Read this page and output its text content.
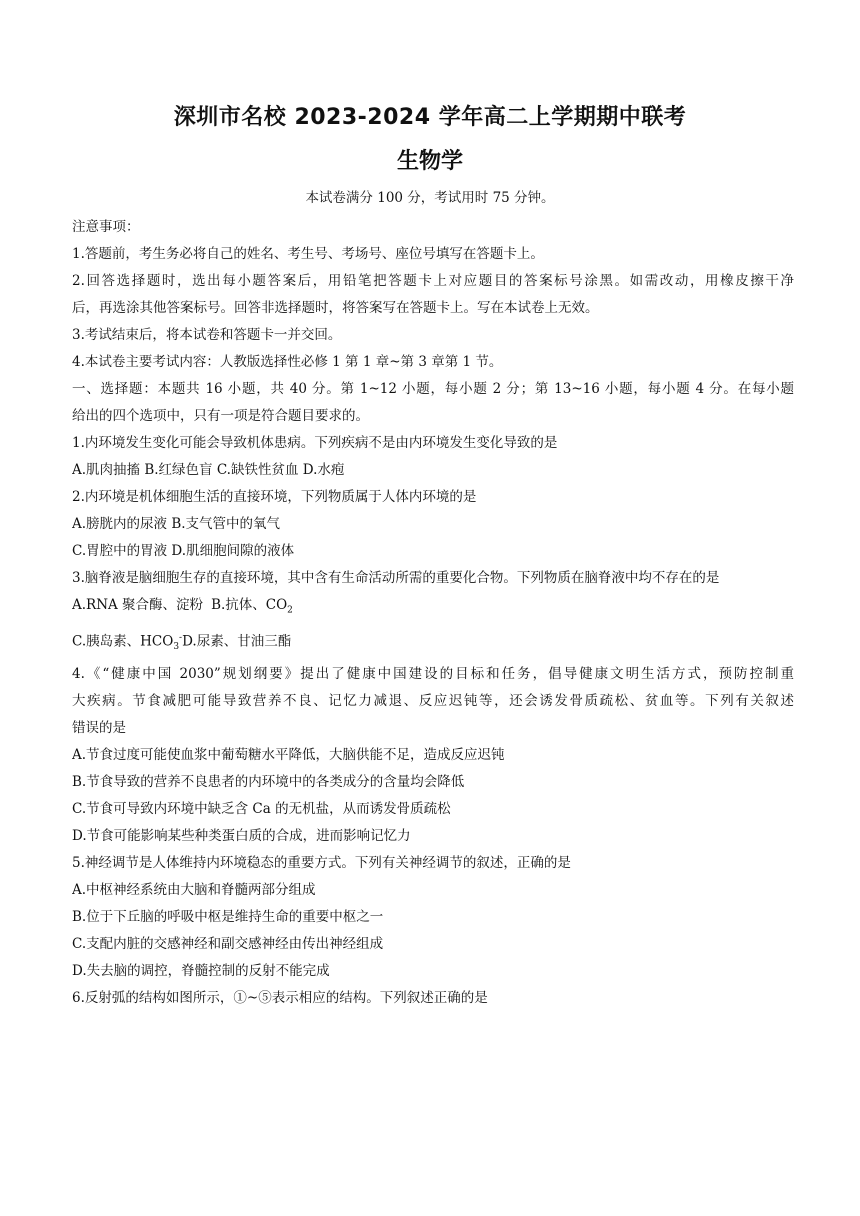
深圳市名校 2023-2024 学年高二上学期期中联考
生物学
本试卷满分 100 分，考试用时 75 分钟。
注意事项：
1.答题前，考生务必将自己的姓名、考生号、考场号、座位号填写在答题卡上。
2.回答选择题时，选出每小题答案后，用铅笔把答题卡上对应题目的答案标号涂黑。如需改动，用橡皮擦干净
后，再选涂其他答案标号。回答非选择题时，将答案写在答题卡上。写在本试卷上无效。
3.考试结束后，将本试卷和答题卡一并交回。
4.本试卷主要考试内容：人教版选择性必修 1 第 1 章~第 3 章第 1 节。
一、选择题：本题共 16 小题，共 40 分。第 1~12 小题，每小题 2 分；第 13~16 小题，每小题 4 分。在每小题
给出的四个选项中，只有一项是符合题目要求的。
1.内环境发生变化可能会导致机体患病。下列疾病不是由内环境发生变化导致的是
A.肌肉抽搐 B.红绿色盲 C.缺铁性贫血 D.水疱
2.内环境是机体细胞生活的直接环境，下列物质属于人体内环境的是
A.膀胱内的尿液 B.支气管中的氧气
C.胃腔中的胃液 D.肌细胞间隙的液体
3.脑脊液是脑细胞生存的直接环境，其中含有生命活动所需的重要化合物。下列物质在脑脊液中均不存在的是
A.RNA 聚合酶、淀粉 B.抗体、$CO_2$
C.胰岛素、$HCO_3^-D$.尿素、甘油三酯
4.《“健康中国 2030”规划纲要》提出了健康中国建设的目标和任务，倡导健康文明生活方式，预防控制重
大疾病。节食减肥可能导致营养不良、记忆力减退、反应迟钝等，还会诱发骨质疏松、贫血等。下列有关叙述
错误的是
A.节食过度可能使血浆中葡萄糖水平降低，大脑供能不足，造成反应迟钝
B.节食导致的营养不良患者的内环境中的各类成分的含量均会降低
C.节食可导致内环境中缺乏含 Ca 的无机盐，从而诱发骨质疏松
D.节食可能影响某些种类蛋白质的合成，进而影响记忆力
5.神经调节是人体维持内环境稳态的重要方式。下列有关神经调节的叙述，正确的是
A.中枢神经系统由大脑和脊髓两部分组成
B.位于下丘脑的呼吸中枢是维持生命的重要中枢之一
C.支配内脏的交感神经和副交感神经由传出神经组成
D.失去脑的调控，脊髓控制的反射不能完成
6.反射弧的结构如图所示，①~⑤表示相应的结构。下列叙述正确的是
